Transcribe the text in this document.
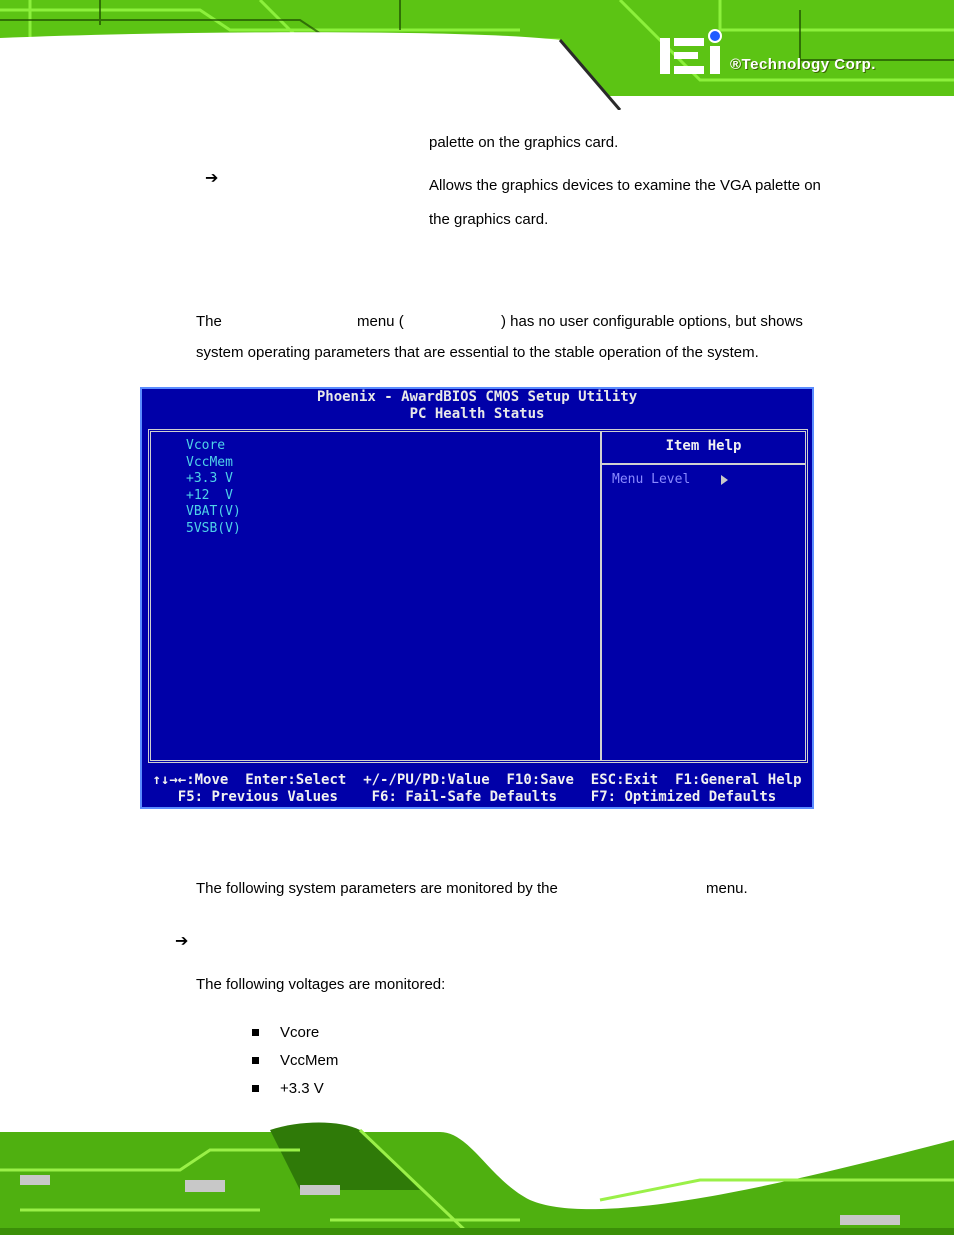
®Technology Corp.
palette on the graphics card.
➔	Allows the graphics devices to examine the VGA palette on
the graphics card.
The	menu (	) has no user configurable options, but shows
system operating parameters that are essential to the stable operation of the system.
Phoenix - AwardBIOS CMOS Setup Utility
PC Health Status
Vcore
VccMem
+3.3 V
+12  V
VBAT(V)
5VSB(V)
Item Help
Menu Level
↑↓→←:Move  Enter:Select  +/-/PU/PD:Value  F10:Save  ESC:Exit  F1:General Help
F5: Previous Values    F6: Fail-Safe Defaults    F7: Optimized Defaults
The following system parameters are monitored by the	menu.
➔
The following voltages are monitored:
Vcore
VccMem
+3.3 V
